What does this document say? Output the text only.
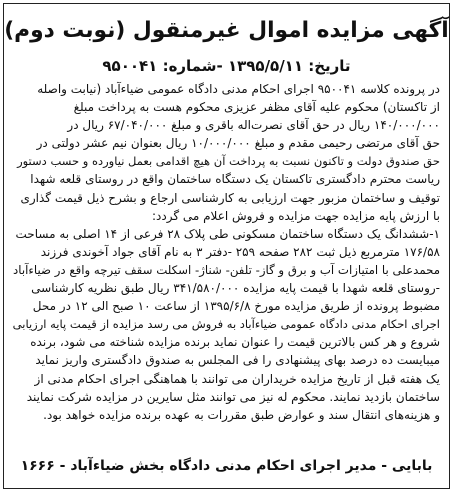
آگهی مزایده اموال غیرمنقول (نوبت دوم)
تاریخ: ۱۳۹۵/۵/۱۱ -شماره: ۹۵۰۰۴۱
در پرونده کلاسه ۹۵۰۰۴۱ اجرای احکام مدنی دادگاه عمومی ضیاءآباد (نیابت واصله
از تاکستان) محکوم علیه آقای مظفر عزیزی محکوم هست به پرداخت مبلغ
۱۴۰/۰۰۰/۰۰۰ ریال در حق آقای نصرت‌اله باقری و مبلغ ۶۷/۰۴۰/۰۰۰ ریال در
حق آقای مرتضی رحیمی مقدم و مبلغ ۱۰/۰۰۰/۰۰۰ ریال بعنوان نیم عشر دولتی در
حق صندوق دولت و تاکنون نسبت به پرداخت آن هیچ اقدامی بعمل نیاورده و حسب دستور
ریاست محترم دادگستری تاکستان یک دستگاه ساختمان واقع در روستای قلعه شهدا
توقیف و ساختمان مزبور جهت ارزیابی به کارشناسی ارجاع و بشرح ذیل قیمت گذاری
با ارزش پایه مزایده جهت مزایده و فروش اعلام می گردد:
۱-ششدانگ یک دستگاه ساختمان مسکونی طی پلاک ۲۸ فرعی از ۱۴ اصلی به مساحت
۱۷۶/۵۸ مترمربع ذیل ثبت ۲۸۲ صفحه ۲۵۹ -دفتر ۳ به نام آقای جواد آخوندی فرزند
محمدعلی با امتیازات آب و برق و گاز- تلفن- شناژ- اسکلت سقف تیرچه واقع در ضیاءآباد
-روستای قلعه شهدا با قیمت پایه مزایده ۳۴۱/۵۸۰/۰۰۰ ریال طبق نظریه کارشناسی
مضبوط پرونده از طریق مزایده مورخ ۱۳۹۵/۶/۸ از ساعت ۱۰ صبح الی ۱۲ در محل
اجرای احکام مدنی دادگاه عمومی ضیاءآباد به فروش می رسد مزایده از قیمت پایه ارزیابی
شروع و هر کس بالاترین قیمت را عنوان نماید برنده مزایده شناخته می شود، برنده
میبایست ده درصد بهای پیشنهادی را فی المجلس به صندوق دادگستری واریز نماید
یک هفته قبل از تاریخ مزایده خریداران می توانند با هماهنگی اجرای احکام مدنی از
ساختمان بازدید نمایند. محکوم له نیز می توانند مثل سایرین در مزایده شرکت نمایند
و هزینه‌های انتقال سند و عوارض طبق مقررات به عهده برنده مزایده خواهد بود.
بابایی - مدیر اجرای احکام مدنی دادگاه بخش ضیاءآباد - ۱۶۶۶
